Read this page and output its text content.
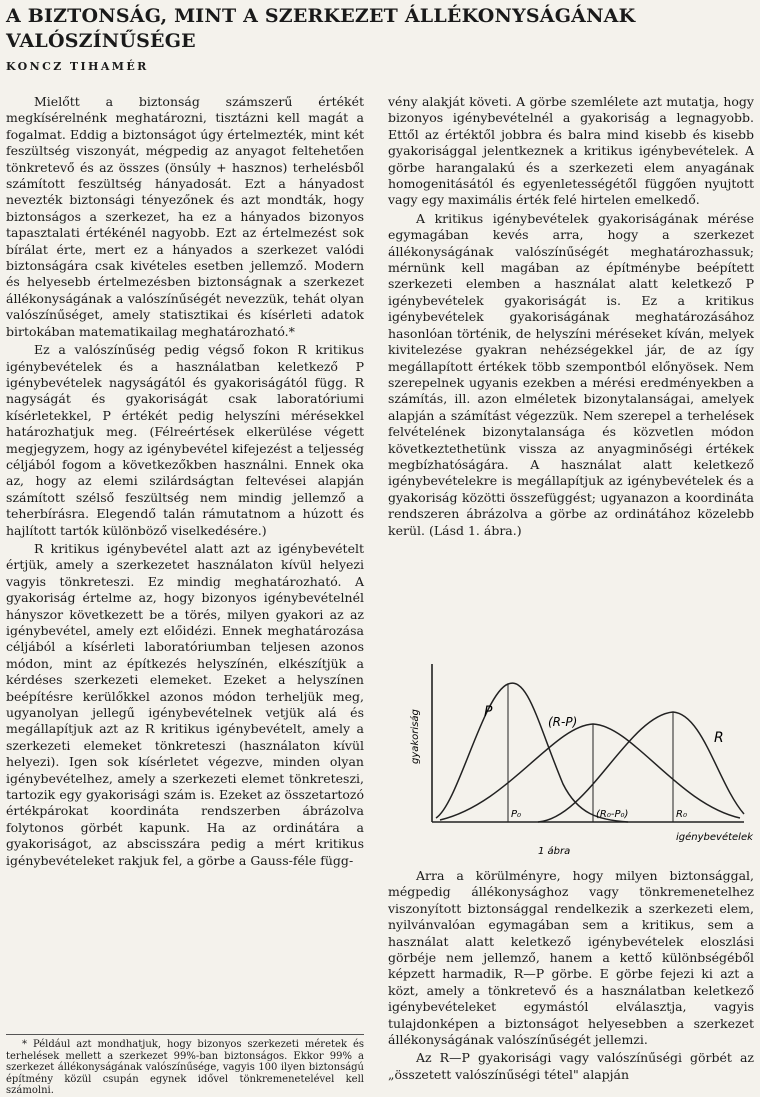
A BIZTONSÁG, MINT A SZERKEZET ÁLLÉKONYSÁGÁNAK VALÓSZÍNŰSÉGE
KONCZ TIHAMÉR

Mielőtt a biztonság számszerű értékét megkísérelnénk meghatározni, tisztázni kell magát a fogalmat. Eddig a biztonságot úgy értelmezték, mint két feszültség viszonyát, mégpedig az anyagot feltehetően tönkretevő és az összes (önsúly + hasznos) terhelésből számított feszültség hányadosát. Ezt a hányadost nevezték biztonsági tényezőnek és azt mondták, hogy biztonságos a szerkezet, ha ez a hányados bizonyos tapasztalati értékénél nagyobb. Ezt az értelmezést sok bírálat érte, mert ez a hányados a szerkezet valódi biztonságára csak kivételes esetben jellemző. Modern és helyesebb értelmezésben biztonságnak a szerkezet állékonyságának a valószínűségét nevezzük, tehát olyan valószínűséget, amely statisztikai és kísérleti adatok birtokában matematikailag meghatározható.*

Ez a valószínűség pedig végső fokon R kritikus igénybevételek és a használatban keletkező P igénybevételek nagyságától és gyakoriságától függ. R nagyságát és gyakoriságát csak laboratóriumi kísérletekkel, P értékét pedig helyszíni mérésekkel határozhatjuk meg. (Félreértések elkerülése végett megjegyzem, hogy az igénybevétel kifejezést a teljesség céljából fogom a következőkben használni. Ennek oka az, hogy az elemi szilárdságtan feltevései alapján számított szélső feszültség nem mindig jellemző a teherbírásra. Elegendő talán rámutatnom a húzott és hajlított tartók különböző viselkedésére.)

R kritikus igénybevétel alatt azt az igénybevételt értjük, amely a szerkezetet használaton kívül helyezi vagyis tönkreteszi. Ez mindig meghatározható. A gyakoriság értelme az, hogy bizonyos igénybevételnél hányszor következett be a törés, milyen gyakori az az igénybevétel, amely ezt előidézi. Ennek meghatározása céljából a kísérleti laboratóriumban teljesen azonos módon, mint az építkezés helyszínén, elkészítjük a kérdéses szerkezeti elemeket. Ezeket a helyszínen beépítésre kerülőkkel azonos módon terheljük meg, ugyanolyan jellegű igénybevételnek vetjük alá és megállapítjuk azt az R kritikus igénybevételt, amely a szerkezeti elemeket tönkreteszi (használaton kívül helyezi). Igen sok kísérletet végezve, minden olyan igénybevételhez, amely a szerkezeti elemet tönkreteszi, tartozik egy gyakorisági szám is. Ezeket az összetartozó értékpárokat koordináta rendszerben ábrázolva folytonos görbét kapunk. Ha az ordinátára a gyakoriságot, az abscisszára pedig a mért kritikus igénybevételeket rakjuk fel, a görbe a Gauss-féle függ-

vény alakját követi. A görbe szemlélete azt mutatja, hogy bizonyos igénybevételnél a gyakoriság a legnagyobb. Ettől az értéktől jobbra és balra mind kisebb és kisebb gyakorisággal jelentkeznek a kritikus igénybevételek. A görbe harangalakú és a szerkezeti elem anyagának homogenitásától és egyenletességétől függően nyujtott vagy egy maximális érték felé hirtelen emelkedő.

A kritikus igénybevételek gyakoriságának mérése egymagában kevés arra, hogy a szerkezet állékonyságának valószínűségét meghatározhassuk; mérnünk kell magában az építménybe beépített szerkezeti elemben a használat alatt keletkező P igénybevételek gyakoriságát is. Ez a kritikus igénybevételek gyakoriságának meghatározásához hasonlóan történik, de helyszíni méréseket kíván, melyek kivitelezése gyakran nehézségekkel jár, de az így megállapított értékek több szempontból előnyösek. Nem szerepelnek ugyanis ezekben a mérési eredményekben a számítás, ill. azon elméletek bizonytalanságai, amelyek alapján a számítást végezzük. Nem szerepel a terhelések felvételének bizonytalansága és közvetlen módon következtethetünk vissza az anyagminőségi értékek megbízhatóságára. A használat alatt keletkező igénybevételekre is megállapítjuk az igénybevételek és a gyakoriság közötti összefüggést; ugyanazon a koordináta rendszeren ábrázolva a görbe az ordinátához közelebb kerül. (Lásd 1. ábra.)

gyakoriság
igénybevételek
1 ábra
P
(R-P)
R
P₀	(R₀-P₀)	R₀

Arra a körülményre, hogy milyen biztonsággal, mégpedig állékonysághoz vagy tönkremenetelhez viszonyított biztonsággal rendelkezik a szerkezeti elem, nyilvánvalóan egymagában sem a kritikus, sem a használat alatt keletkező igénybevételek eloszlási görbéje nem jellemző, hanem a kettő különbségéből képzett harmadik, R—P görbe. E görbe fejezi ki azt a közt, amely a tönkretevő és a használatban keletkező igénybevételeket egymástól elválasztja, vagyis tulajdonképen a biztonságot helyesebben a szerkezet állékonyságának valószínűségét jellemzi.

Az R—P gyakorisági vagy valószínűségi görbét az „összetett valószínűségi tétel" alapján

* Például azt mondhatjuk, hogy bizonyos szerkezeti méretek és terhelések mellett a szerkezet 99%-ban biztonságos. Ekkor 99% a szerkezet állékonyságának valószínűsége, vagyis 100 ilyen biztonságú építmény közül csupán egynek idővel tönkremenetelével kell számolni.
